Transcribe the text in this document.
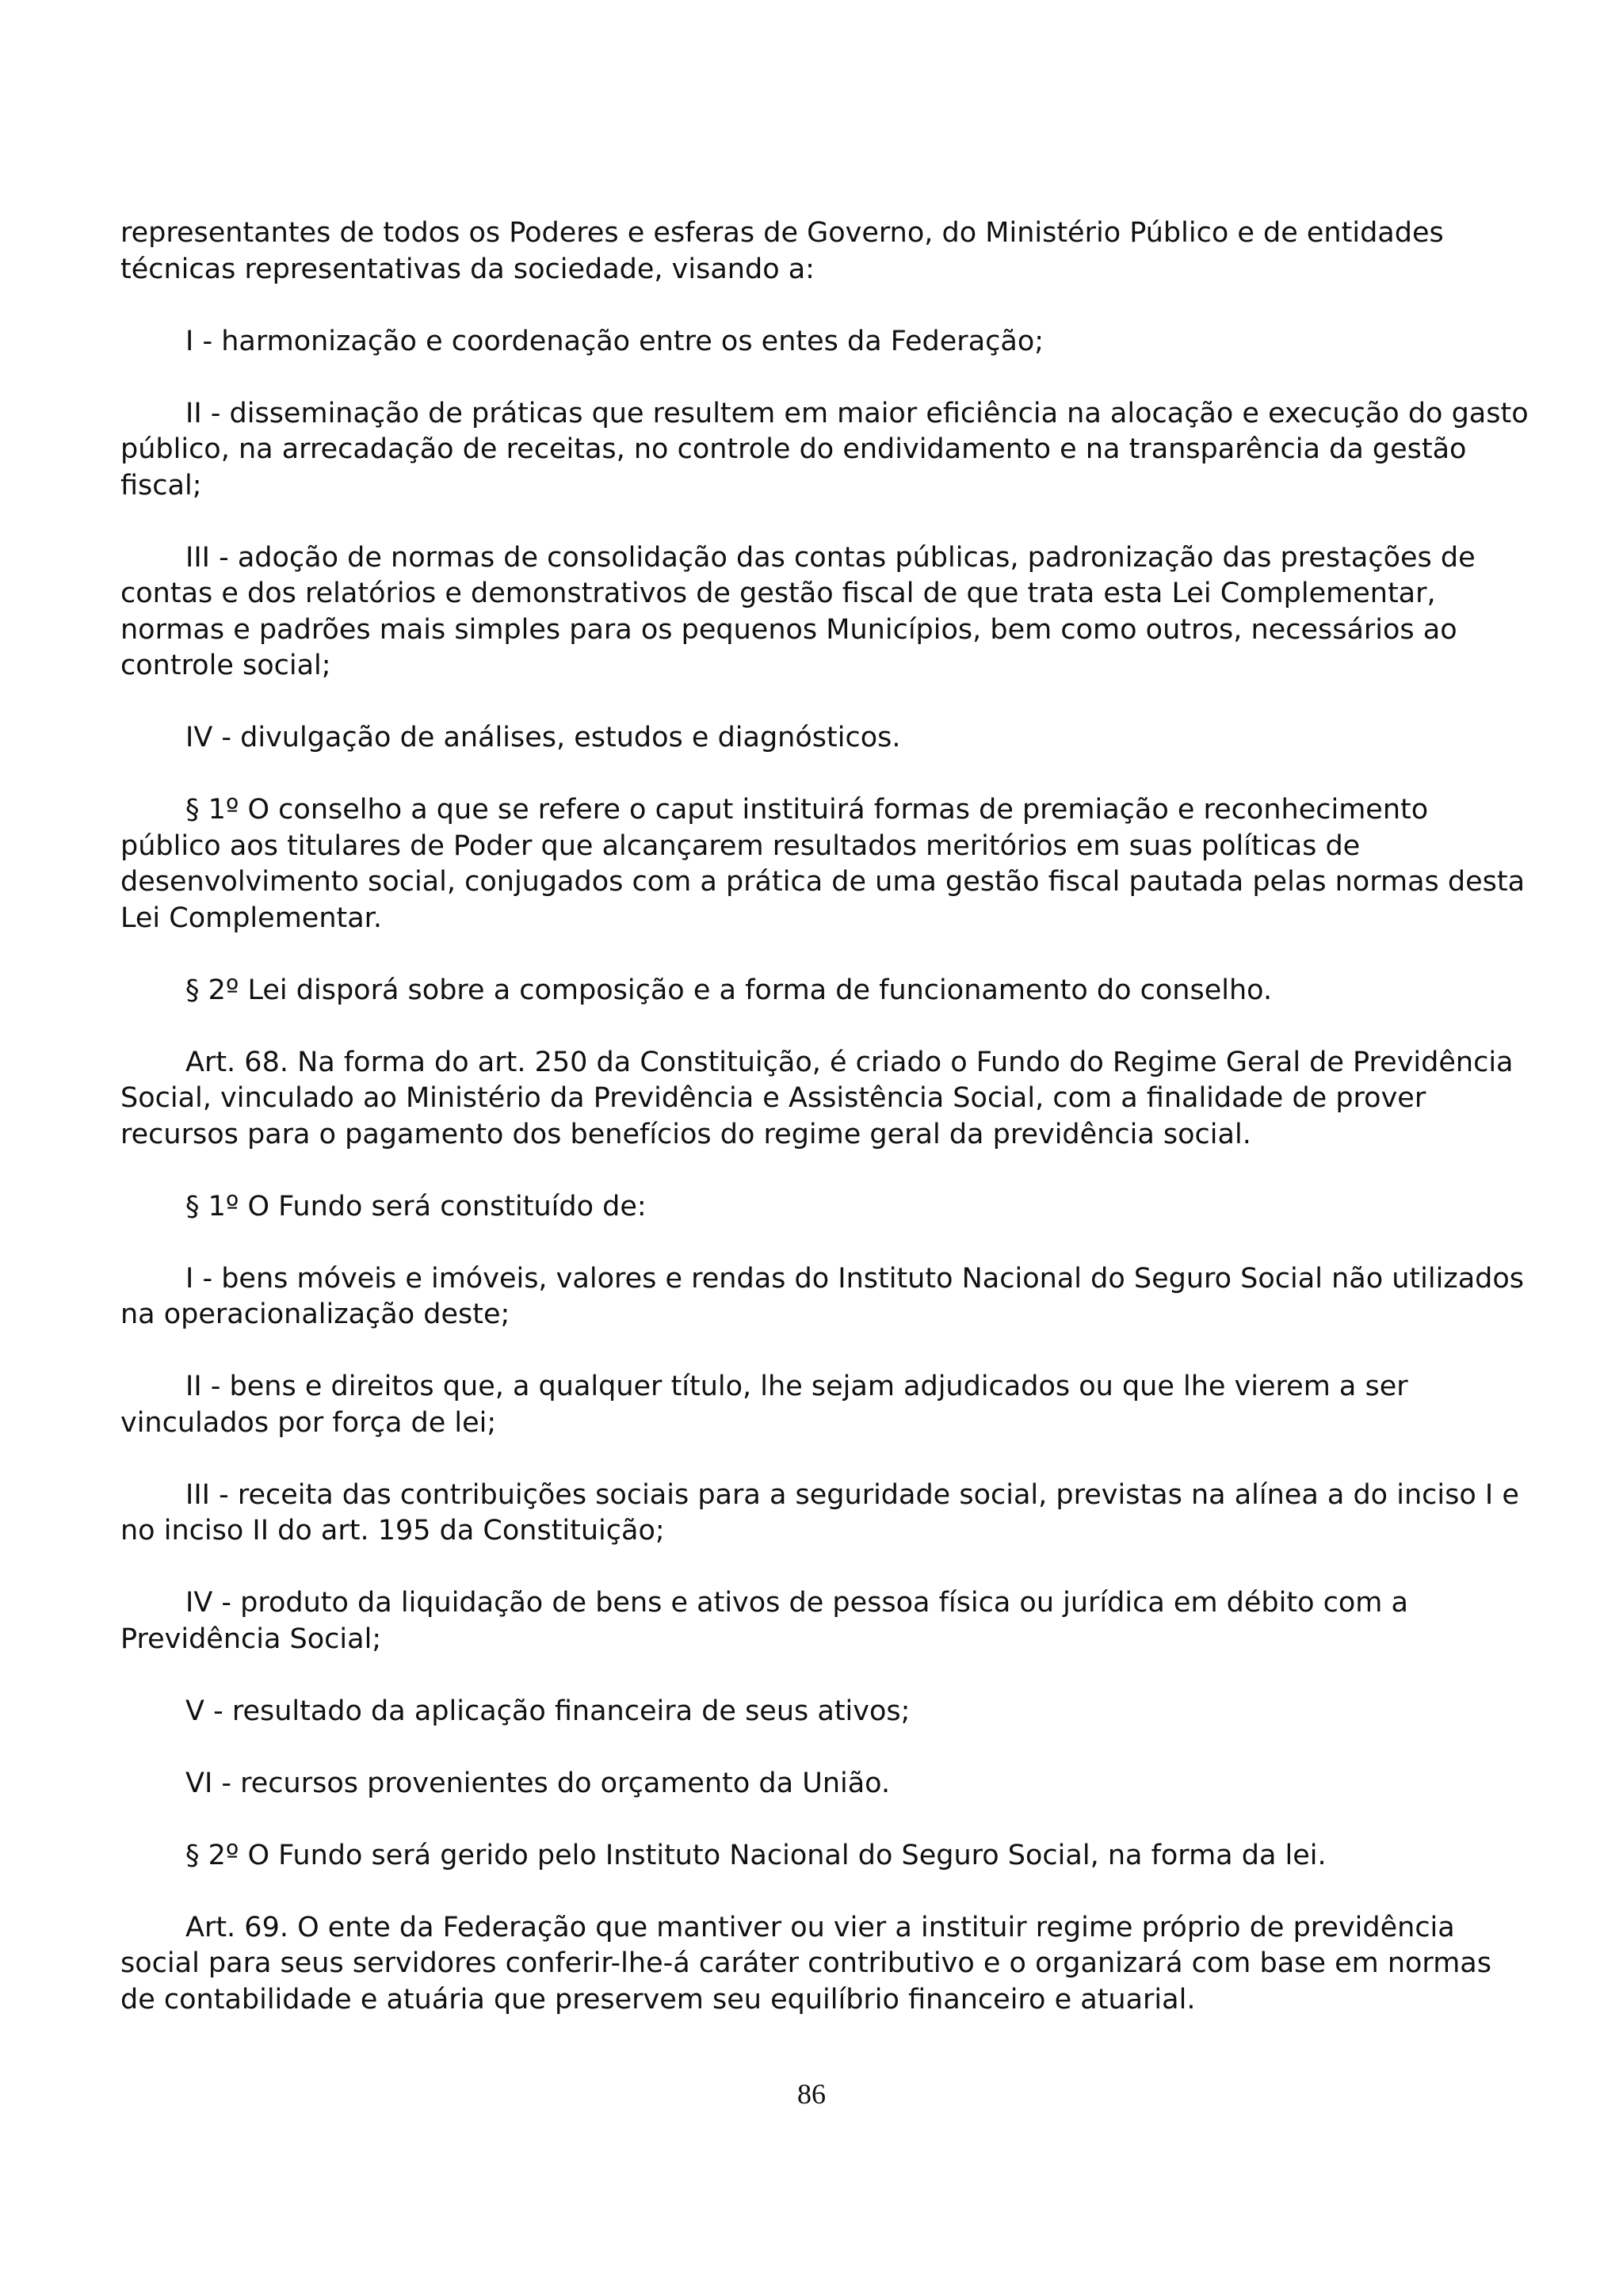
representantes de todos os Poderes e esferas de Governo, do Ministério Público e de entidades técnicas representativas da sociedade, visando a:

I - harmonização e coordenação entre os entes da Federação;

II - disseminação de práticas que resultem em maior eficiência na alocação e execução do gasto público, na arrecadação de receitas, no controle do endividamento e na transparência da gestão fiscal;

III - adoção de normas de consolidação das contas públicas, padronização das prestações de contas e dos relatórios e demonstrativos de gestão fiscal de que trata esta Lei Complementar, normas e padrões mais simples para os pequenos Municípios, bem como outros, necessários ao controle social;

IV - divulgação de análises, estudos e diagnósticos.

§ 1º O conselho a que se refere o caput instituirá formas de premiação e reconhecimento público aos titulares de Poder que alcançarem resultados meritórios em suas políticas de desenvolvimento social, conjugados com a prática de uma gestão fiscal pautada pelas normas desta Lei Complementar.

§ 2º Lei disporá sobre a composição e a forma de funcionamento do conselho.

Art. 68. Na forma do art. 250 da Constituição, é criado o Fundo do Regime Geral de Previdência Social, vinculado ao Ministério da Previdência e Assistência Social, com a finalidade de prover recursos para o pagamento dos benefícios do regime geral da previdência social.

§ 1º O Fundo será constituído de:

I - bens móveis e imóveis, valores e rendas do Instituto Nacional do Seguro Social não utilizados na operacionalização deste;

II - bens e direitos que, a qualquer título, lhe sejam adjudicados ou que lhe vierem a ser vinculados por força de lei;

III - receita das contribuições sociais para a seguridade social, previstas na alínea a do inciso I e no inciso II do art. 195 da Constituição;

IV - produto da liquidação de bens e ativos de pessoa física ou jurídica em débito com a Previdência Social;

V - resultado da aplicação financeira de seus ativos;

VI - recursos provenientes do orçamento da União.

§ 2º O Fundo será gerido pelo Instituto Nacional do Seguro Social, na forma da lei.

Art. 69. O ente da Federação que mantiver ou vier a instituir regime próprio de previdência social para seus servidores conferir-lhe-á caráter contributivo e o organizará com base em normas de contabilidade e atuária que preservem seu equilíbrio financeiro e atuarial.

86
